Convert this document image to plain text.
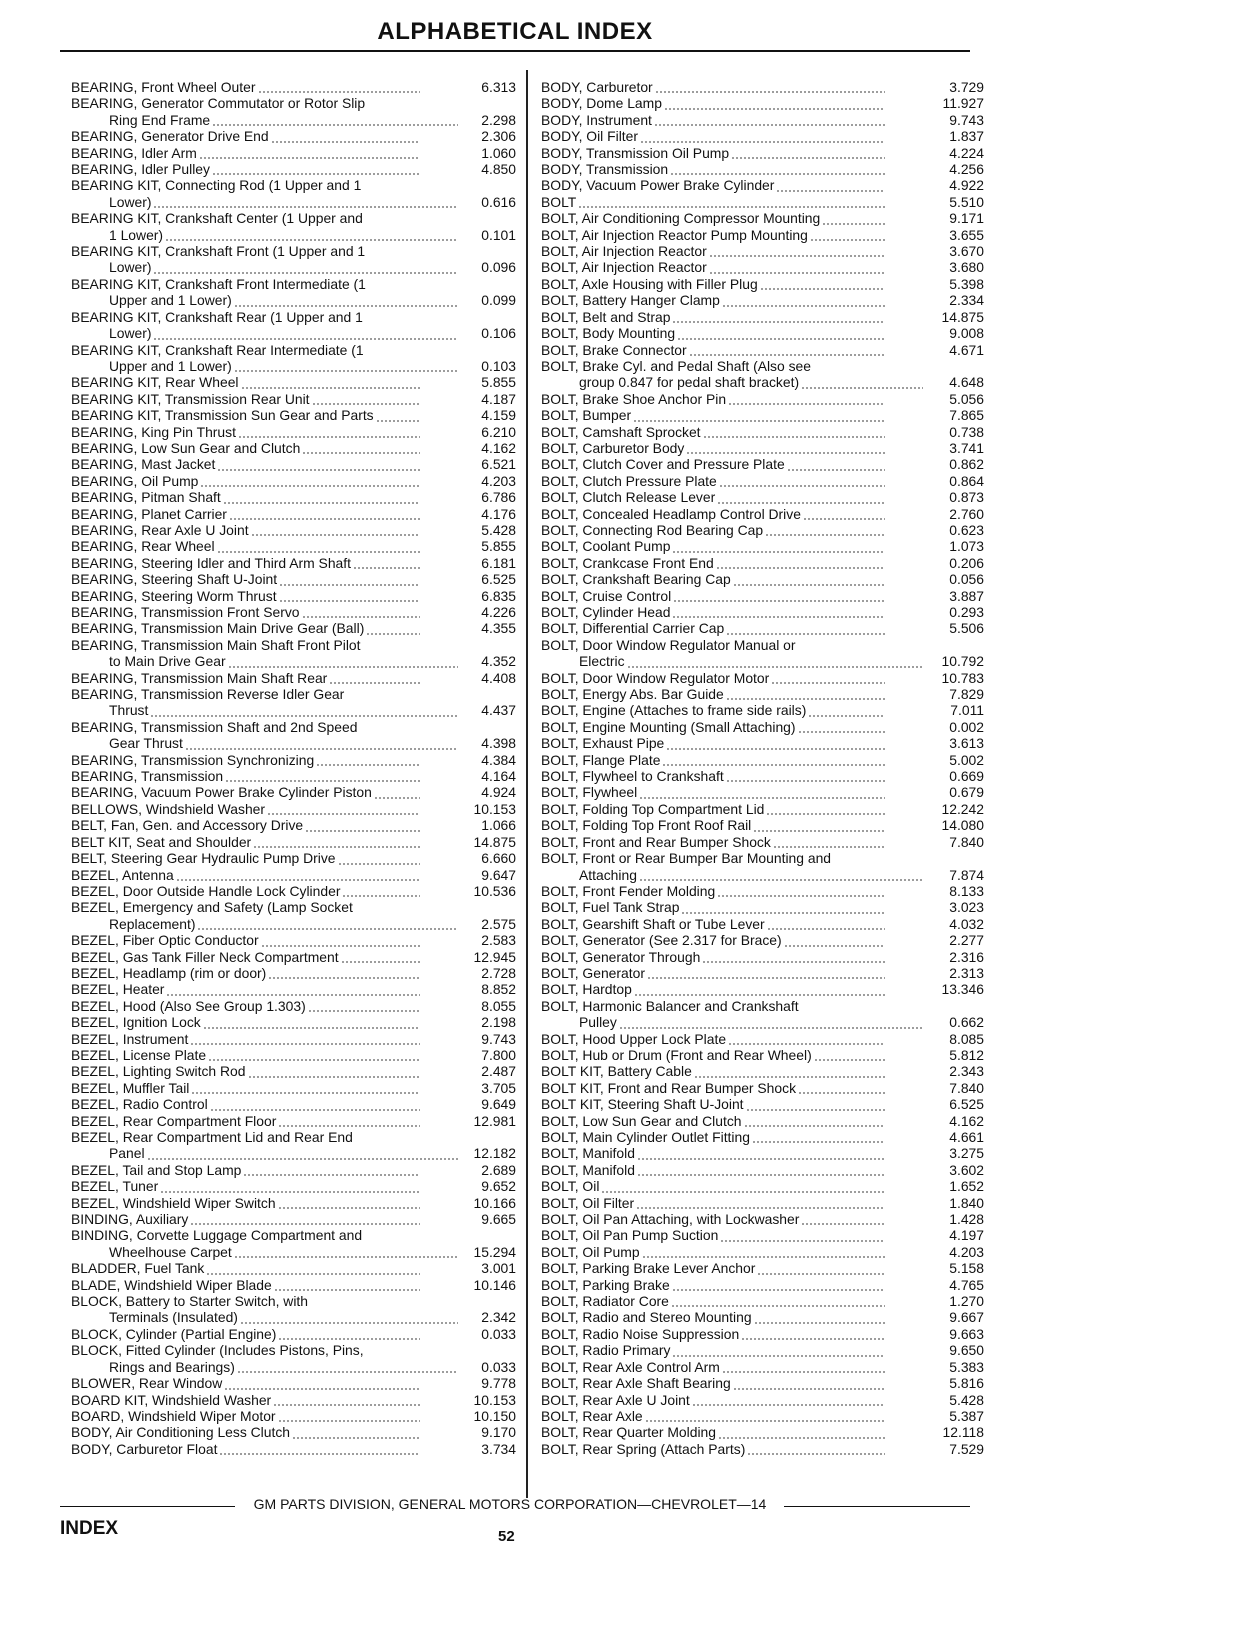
ALPHABETICAL INDEX
BEARING, Front Wheel Outer	6.313
BEARING, Generator Commutator or Rotor Slip
Ring End Frame	2.298
BEARING, Generator Drive End	2.306
BEARING, Idler Arm	1.060
BEARING, Idler Pulley	4.850
BEARING KIT, Connecting Rod (1 Upper and 1
Lower)	0.616
BEARING KIT, Crankshaft Center (1 Upper and
1 Lower)	0.101
BEARING KIT, Crankshaft Front (1 Upper and 1
Lower)	0.096
BEARING KIT, Crankshaft Front Intermediate (1
Upper and 1 Lower)	0.099
BEARING KIT, Crankshaft Rear (1 Upper and 1
Lower)	0.106
BEARING KIT, Crankshaft Rear Intermediate (1
Upper and 1 Lower)	0.103
BEARING KIT, Rear Wheel	5.855
BEARING KIT, Transmission Rear Unit	4.187
BEARING KIT, Transmission Sun Gear and Parts	4.159
BEARING, King Pin Thrust	6.210
BEARING, Low Sun Gear and Clutch	4.162
BEARING, Mast Jacket	6.521
BEARING, Oil Pump	4.203
BEARING, Pitman Shaft	6.786
BEARING, Planet Carrier	4.176
BEARING, Rear Axle U Joint	5.428
BEARING, Rear Wheel	5.855
BEARING, Steering Idler and Third Arm Shaft	6.181
BEARING, Steering Shaft U-Joint	6.525
BEARING, Steering Worm Thrust	6.835
BEARING, Transmission Front Servo	4.226
BEARING, Transmission Main Drive Gear (Ball)	4.355
BEARING, Transmission Main Shaft Front Pilot
to Main Drive Gear	4.352
BEARING, Transmission Main Shaft Rear	4.408
BEARING, Transmission Reverse Idler Gear
Thrust	4.437
BEARING, Transmission Shaft and 2nd Speed
Gear Thrust	4.398
BEARING, Transmission Synchronizing	4.384
BEARING, Transmission	4.164
BEARING, Vacuum Power Brake Cylinder Piston	4.924
BELLOWS, Windshield Washer	10.153
BELT, Fan, Gen. and Accessory Drive	1.066
BELT KIT, Seat and Shoulder	14.875
BELT, Steering Gear Hydraulic Pump Drive	6.660
BEZEL, Antenna	9.647
BEZEL, Door Outside Handle Lock Cylinder	10.536
BEZEL, Emergency and Safety (Lamp Socket
Replacement)	2.575
BEZEL, Fiber Optic Conductor	2.583
BEZEL, Gas Tank Filler Neck Compartment	12.945
BEZEL, Headlamp (rim or door)	2.728
BEZEL, Heater	8.852
BEZEL, Hood (Also See Group 1.303)	8.055
BEZEL, Ignition Lock	2.198
BEZEL, Instrument	9.743
BEZEL, License Plate	7.800
BEZEL, Lighting Switch Rod	2.487
BEZEL, Muffler Tail	3.705
BEZEL, Radio Control	9.649
BEZEL, Rear Compartment Floor	12.981
BEZEL, Rear Compartment Lid and Rear End
Panel	12.182
BEZEL, Tail and Stop Lamp	2.689
BEZEL, Tuner	9.652
BEZEL, Windshield Wiper Switch	10.166
BINDING, Auxiliary	9.665
BINDING, Corvette Luggage Compartment and
Wheelhouse Carpet	15.294
BLADDER, Fuel Tank	3.001
BLADE, Windshield Wiper Blade	10.146
BLOCK, Battery to Starter Switch, with
Terminals (Insulated)	2.342
BLOCK, Cylinder (Partial Engine)	0.033
BLOCK, Fitted Cylinder (Includes Pistons, Pins,
Rings and Bearings)	0.033
BLOWER, Rear Window	9.778
BOARD KIT, Windshield Washer	10.153
BOARD, Windshield Wiper Motor	10.150
BODY, Air Conditioning Less Clutch	9.170
BODY, Carburetor Float	3.734
BODY, Carburetor	3.729
BODY, Dome Lamp	11.927
BODY, Instrument	9.743
BODY, Oil Filter	1.837
BODY, Transmission Oil Pump	4.224
BODY, Transmission	4.256
BODY, Vacuum Power Brake Cylinder	4.922
BOLT	5.510
BOLT, Air Conditioning Compressor Mounting	9.171
BOLT, Air Injection Reactor Pump Mounting	3.655
BOLT, Air Injection Reactor	3.670
BOLT, Air Injection Reactor	3.680
BOLT, Axle Housing with Filler Plug	5.398
BOLT, Battery Hanger Clamp	2.334
BOLT, Belt and Strap	14.875
BOLT, Body Mounting	9.008
BOLT, Brake Connector	4.671
BOLT, Brake Cyl. and Pedal Shaft (Also see
group 0.847 for pedal shaft bracket)	4.648
BOLT, Brake Shoe Anchor Pin	5.056
BOLT, Bumper	7.865
BOLT, Camshaft Sprocket	0.738
BOLT, Carburetor Body	3.741
BOLT, Clutch Cover and Pressure Plate	0.862
BOLT, Clutch Pressure Plate	0.864
BOLT, Clutch Release Lever	0.873
BOLT, Concealed Headlamp Control Drive	2.760
BOLT, Connecting Rod Bearing Cap	0.623
BOLT, Coolant Pump	1.073
BOLT, Crankcase Front End	0.206
BOLT, Crankshaft Bearing Cap	0.056
BOLT, Cruise Control	3.887
BOLT, Cylinder Head	0.293
BOLT, Differential Carrier Cap	5.506
BOLT, Door Window Regulator Manual or
Electric	10.792
BOLT, Door Window Regulator Motor	10.783
BOLT, Energy Abs. Bar Guide	7.829
BOLT, Engine (Attaches to frame side rails)	7.011
BOLT, Engine Mounting (Small Attaching)	0.002
BOLT, Exhaust Pipe	3.613
BOLT, Flange Plate	5.002
BOLT, Flywheel to Crankshaft	0.669
BOLT, Flywheel	0.679
BOLT, Folding Top Compartment Lid	12.242
BOLT, Folding Top Front Roof Rail	14.080
BOLT, Front and Rear Bumper Shock	7.840
BOLT, Front or Rear Bumper Bar Mounting and
Attaching	7.874
BOLT, Front Fender Molding	8.133
BOLT, Fuel Tank Strap	3.023
BOLT, Gearshift Shaft or Tube Lever	4.032
BOLT, Generator (See 2.317 for Brace)	2.277
BOLT, Generator Through	2.316
BOLT, Generator	2.313
BOLT, Hardtop	13.346
BOLT, Harmonic Balancer and Crankshaft
Pulley	0.662
BOLT, Hood Upper Lock Plate	8.085
BOLT, Hub or Drum (Front and Rear Wheel)	5.812
BOLT KIT, Battery Cable	2.343
BOLT KIT, Front and Rear Bumper Shock	7.840
BOLT KIT, Steering Shaft U-Joint	6.525
BOLT, Low Sun Gear and Clutch	4.162
BOLT, Main Cylinder Outlet Fitting	4.661
BOLT, Manifold	3.275
BOLT, Manifold	3.602
BOLT, Oil	1.652
BOLT, Oil Filter	1.840
BOLT, Oil Pan Attaching, with Lockwasher	1.428
BOLT, Oil Pan Pump Suction	4.197
BOLT, Oil Pump	4.203
BOLT, Parking Brake Lever Anchor	5.158
BOLT, Parking Brake	4.765
BOLT, Radiator Core	1.270
BOLT, Radio and Stereo Mounting	9.667
BOLT, Radio Noise Suppression	9.663
BOLT, Radio Primary	9.650
BOLT, Rear Axle Control Arm	5.383
BOLT, Rear Axle Shaft Bearing	5.816
BOLT, Rear Axle U Joint	5.428
BOLT, Rear Axle	5.387
BOLT, Rear Quarter Molding	12.118
BOLT, Rear Spring (Attach Parts)	7.529
GM PARTS DIVISION, GENERAL MOTORS CORPORATION—CHEVROLET—14
INDEX	52
